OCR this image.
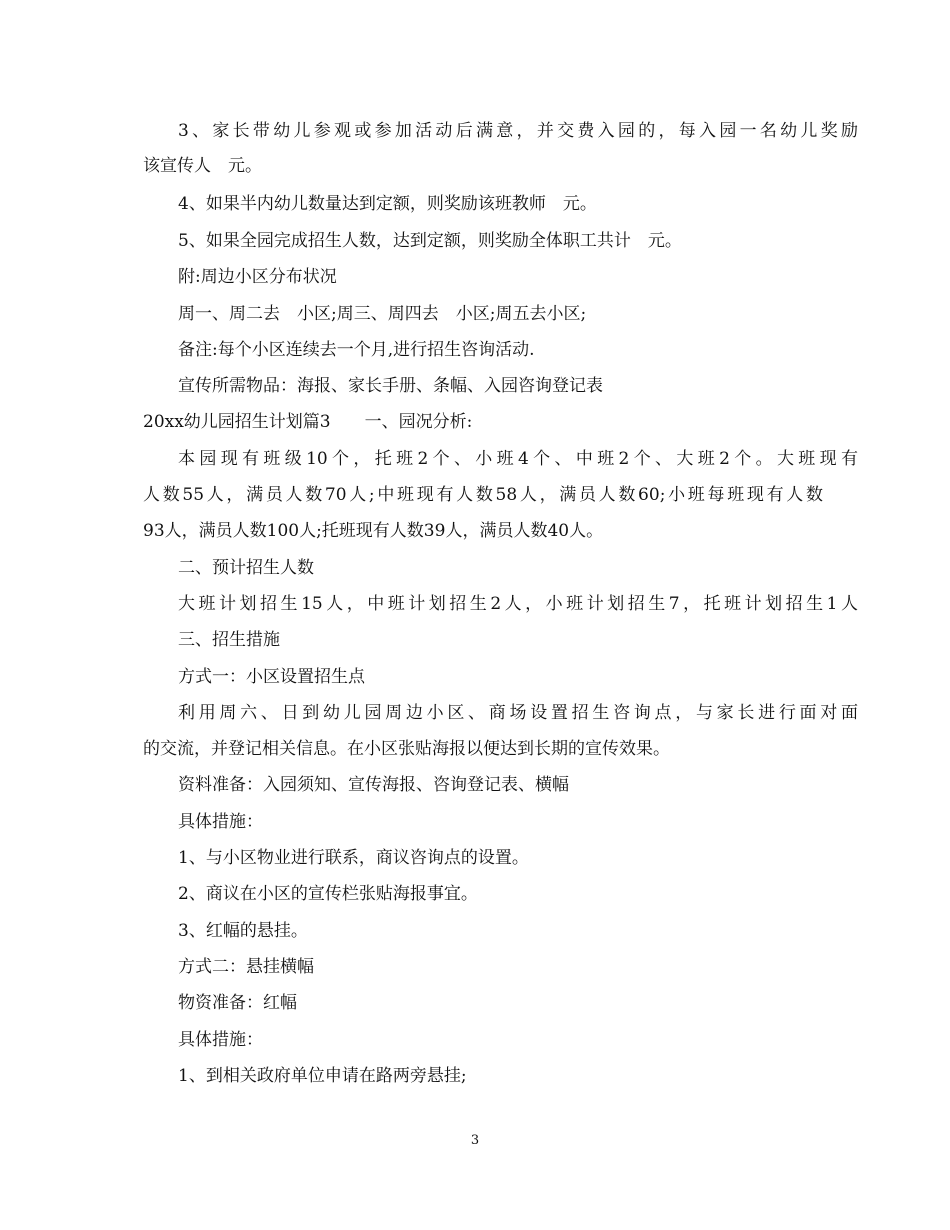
3、家长带幼儿参观或参加活动后满意，并交费入园的，每入园一名幼儿奖励
该宣传人　元。
4、如果半内幼儿数量达到定额，则奖励该班教师　元。
5、如果全园完成招生人数，达到定额，则奖励全体职工共计　元。
附:周边小区分布状况
周一、周二去　小区;周三、周四去　小区;周五去小区;
备注:每个小区连续去一个月,进行招生咨询活动.
宣传所需物品：海报、家长手册、条幅、入园咨询登记表
20xx幼儿园招生计划篇3　　一、园况分析:
本园现有班级10个，托班2个、小班4个、中班2个、大班2个。大班现有
人数55人，满员人数70人;中班现有人数58人，满员人数60;小班每班现有人数
93人，满员人数100人;托班现有人数39人，满员人数40人。
二、预计招生人数
大班计划招生15人，中班计划招生2人，小班计划招生7，托班计划招生1人
三、招生措施
方式一：小区设置招生点
利用周六、日到幼儿园周边小区、商场设置招生咨询点，与家长进行面对面
的交流，并登记相关信息。在小区张贴海报以便达到长期的宣传效果。
资料准备：入园须知、宣传海报、咨询登记表、横幅
具体措施：
1、与小区物业进行联系，商议咨询点的设置。
2、商议在小区的宣传栏张贴海报事宜。
3、红幅的悬挂。
方式二：悬挂横幅
物资准备：红幅
具体措施：
1、到相关政府单位申请在路两旁悬挂;
3
